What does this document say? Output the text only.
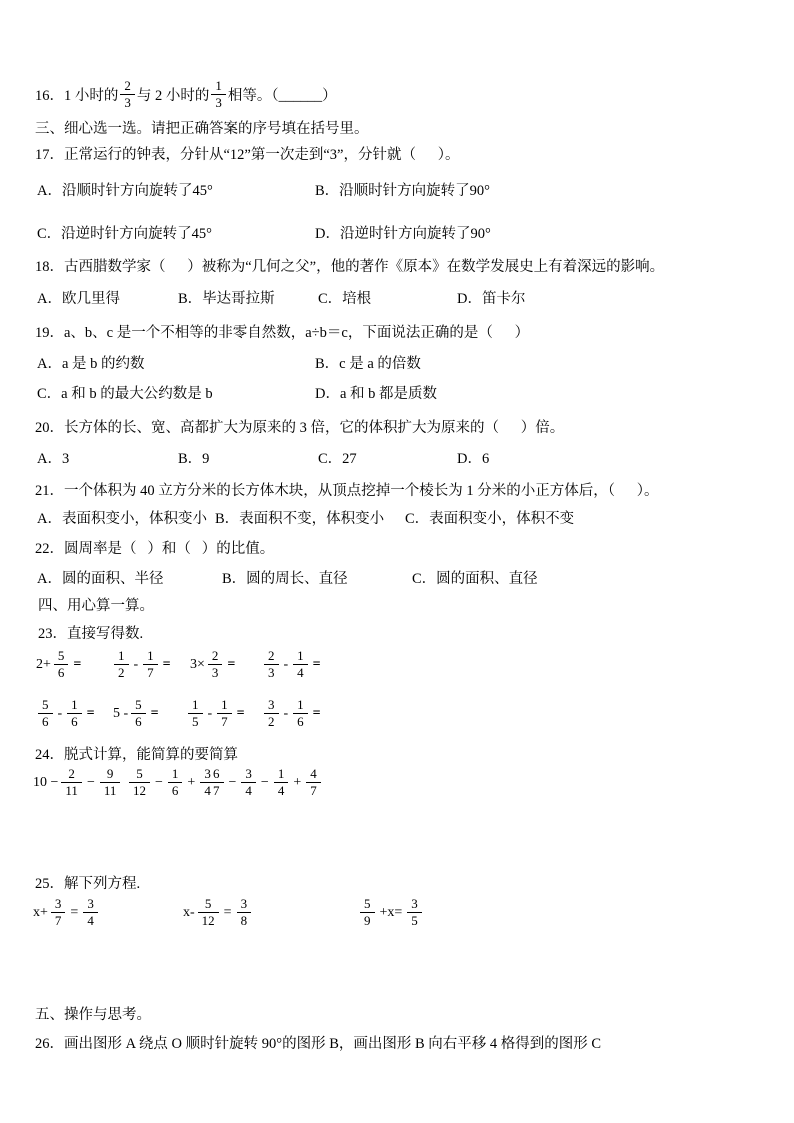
16．1 小时的 $\frac{2}{3}$ 与 2 小时的 $\frac{1}{3}$ 相等。（______）
三、细心选一选。请把正确答案的序号填在括号里。
17．正常运行的钟表，分针从“12”第一次走到“3”，分针就（      ）。
A．沿顺时针方向旋转了45°	B．沿顺时针方向旋转了90°
C．沿逆时针方向旋转了45°	D．沿逆时针方向旋转了90°
18．古西腊数学家（      ）被称为“几何之父”，他的著作《原本》在数学发展史上有着深远的影响。
A．欧几里得	B．毕达哥拉斯	C．培根	D．笛卡尔
19．a、b、c 是一个不相等的非零自然数，a÷b＝c，下面说法正确的是（      ）
A．a 是 b 的约数	B．c 是 a 的倍数
C．a 和 b 的最大公约数是 b	D．a 和 b 都是质数
20．长方体的长、宽、高都扩大为原来的 3 倍，它的体积扩大为原来的（      ）倍。
A．3	B．9	C．27	D．6
21．一个体积为 40 立方分米的长方体木块，从顶点挖掉一个棱长为 1 分米的小正方体后，（      ）。
A．表面积变小，体积变小 B．表面积不变，体积变小 C．表面积变小，体积不变
22．圆周率是（   ）和（   ）的比值。
A．圆的面积、半径	B．圆的周长、直径	C．圆的面积、直径
四、用心算一算。
23．直接写得数.
$2+ \frac{5}{6}$ =	$\frac{1}{2} - \frac{1}{7} = 3\times \frac{2}{3} = \frac{2}{3} - \frac{1}{4}$ =
$\frac{5}{6} - \frac{1}{6} = 5 - \frac{5}{6} = \frac{1}{5} - \frac{1}{7} = \frac{3}{2} - \frac{1}{6}$ =
24．脱式计算，能简算的要简算
$10 - \frac{2}{11} - \frac{9}{11} \frac{5}{12} - \frac{1}{6} + \frac{3}{4}$
$\frac{6}{7} - \frac{3}{4} - \frac{1}{4} + \frac{4}{7}$
25．解下列方程.
$x+ \frac{3}{7} = \frac{3}{4}$	$x- \frac{5}{12} = \frac{3}{8}$	$\frac{5}{9} +x= \frac{3}{5}$
五、操作与思考。
26．画出图形 A 绕点 O 顺时针旋转 90°的图形 B，画出图形 B 向右平移 4 格得到的图形 C
